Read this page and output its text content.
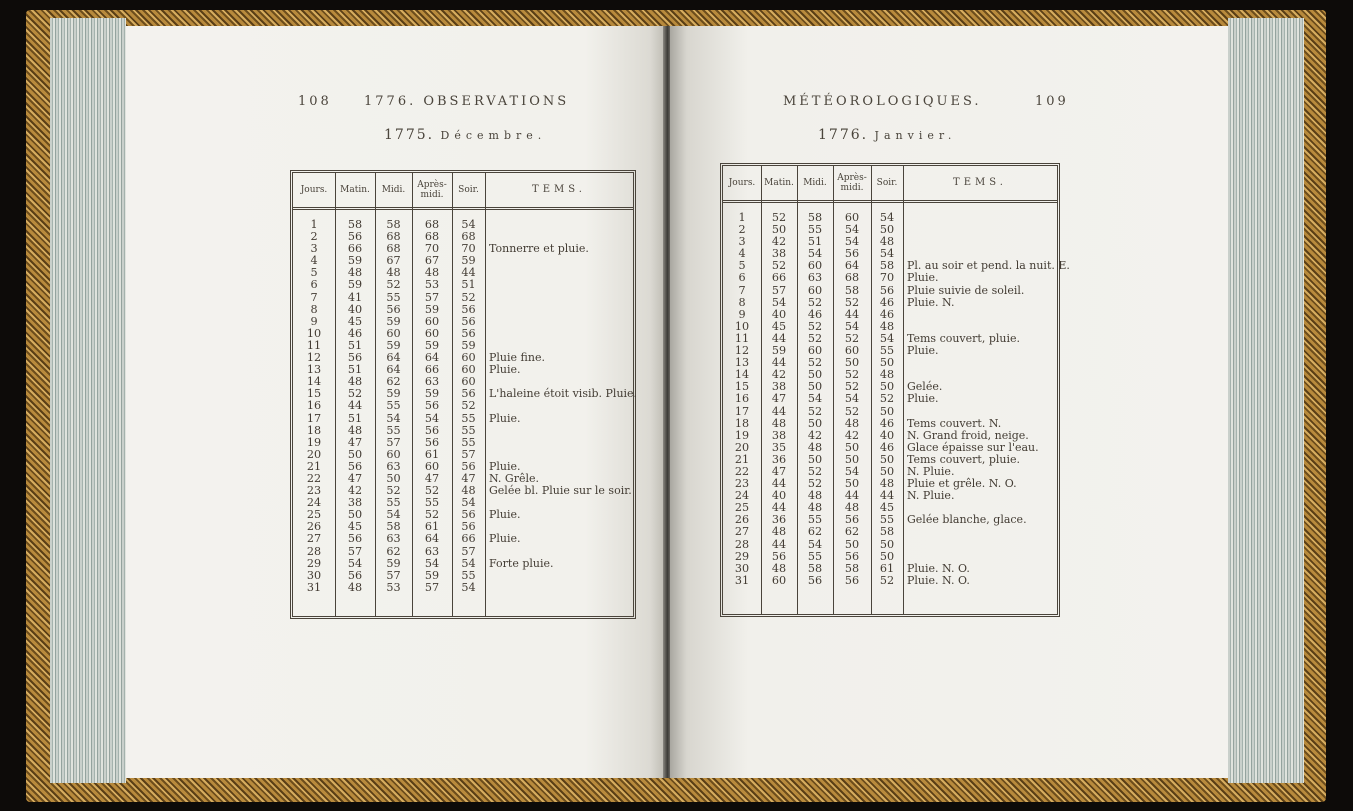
108 1776. OBSERVATIONS
1775. Décembre.
Jours.	Matin.	Midi.	Après-midi.	Soir.	TEMS.
1	58	58	68	54
2	56	68	68	68
3	66	68	70	70	Tonnerre et pluie.
4	59	67	67	59
5	48	48	48	44
6	59	52	53	51
7	41	55	57	52
8	40	56	59	56
9	45	59	60	56
10	46	60	60	56
11	51	59	59	59
12	56	64	64	60	Pluie fine.
13	51	64	66	60	Pluie.
14	48	62	63	60
15	52	59	59	56	L'haleine étoit visib. Pluie.
16	44	55	56	52
17	51	54	54	55	Pluie.
18	48	55	56	55
19	47	57	56	55
20	50	60	61	57
21	56	63	60	56	Pluie.
22	47	50	47	47	N. Grêle.
23	42	52	52	48	Gelée bl. Pluie sur le soir.
24	38	55	55	54
25	50	54	52	56	Pluie.
26	45	58	61	56
27	56	63	64	66	Pluie.
28	57	62	63	57
29	54	59	54	54	Forte pluie.
30	56	57	59	55
31	48	53	57	54
MÉTÉOROLOGIQUES.	109
1776. Janvier.
Jours. Matin.	Midi.	Après-midi.	Soir.	TEMS.
1	52	58	60	54
2	50	55	54	50
3	42	51	54	48
4	38	54	56	54
5	52	60	64	58	Pl. au soir et pend. la nuit. E.
6	66	63	68	70	Pluie.
7	57	60	58	56	Pluie suivie de soleil.
8	54	52	52	46	Pluie. N.
9	40	46	44	46
10	45	52	54	48
11	44	52	52	54	Tems couvert, pluie.
12	59	60	60	55	Pluie.
13	44	52	50	50
14	42	50	52	48
15	38	50	52	50	Gelée.
16	47	54	54	52	Pluie.
17	44	52	52	50
18	48	50	48	46	Tems couvert. N.
19	38	42	42	40	N. Grand froid, neige.
20	35	48	50	46	Glace épaisse sur l'eau.
21	36	50	50	50	Tems couvert, pluie.
22	47	52	54	50	N. Pluie.
23	44	52	50	48	Pluie et grêle. N. O.
24	40	48	44	44	N. Pluie.
25	44	48	48	45
26	36	55	56	55	Gelée blanche, glace.
27	48	62	62	58
28	44	54	50	50
29	56	55	56	50
30	48	58	58	61	Pluie. N. O.
31	60	56	56	52	Pluie. N. O.
